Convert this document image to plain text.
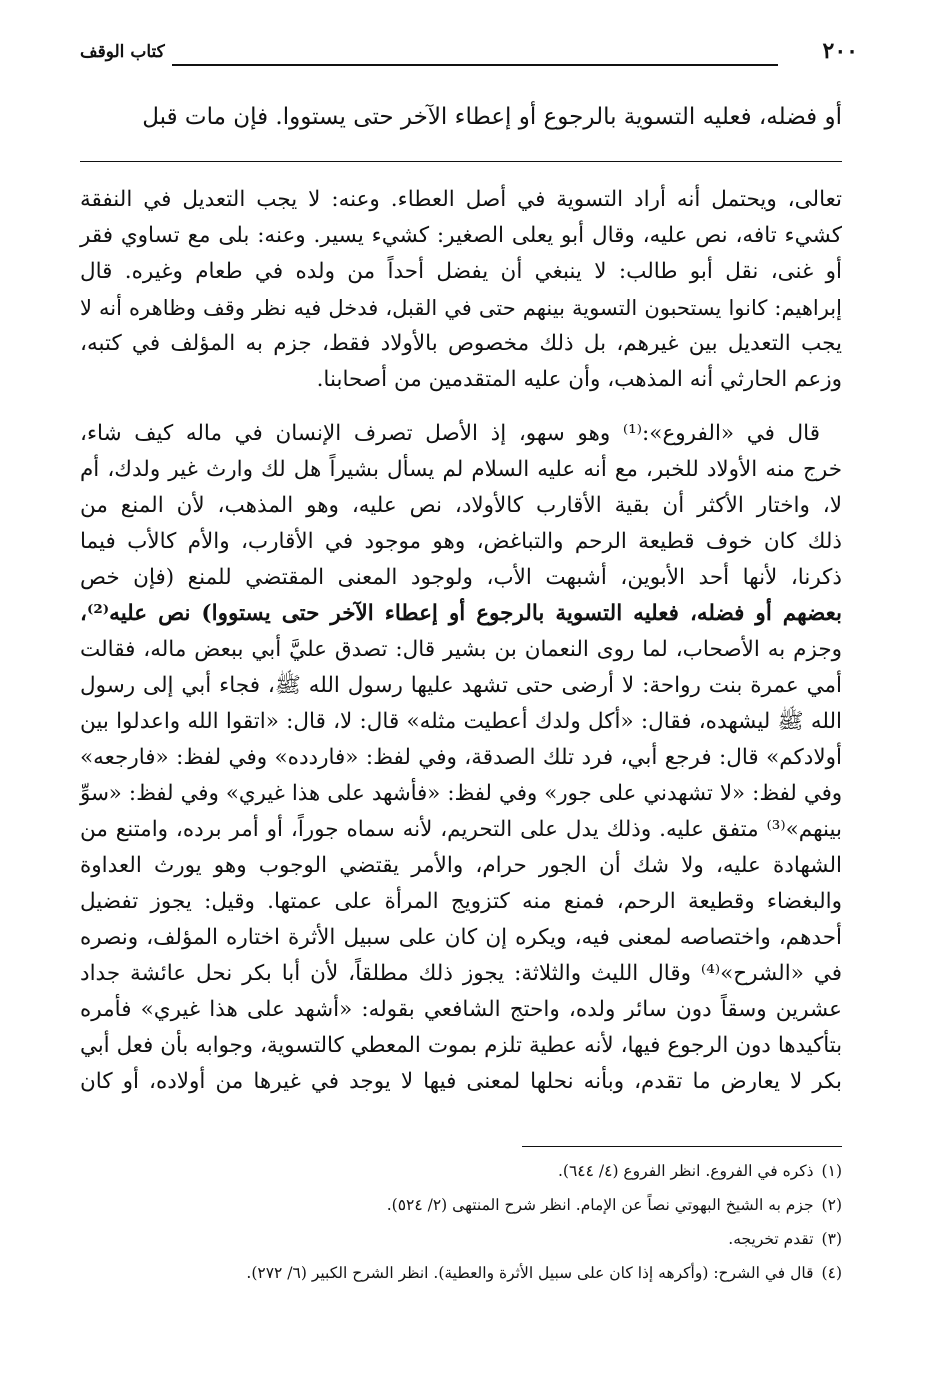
كتاب الوقف	٢٠٠
أو فضله، فعليه التسوية بالرجوع أو إعطاء الآخر حتى يستووا. فإن مات قبل
تعالى، ويحتمل أنه أراد التسوية في أصل العطاء. وعنه: لا يجب التعديل في النفقة
كشيء تافه، نص عليه، وقال أبو يعلى الصغير: كشيء يسير. وعنه: بلى مع تساوي فقر
أو غنى، نقل أبو طالب: لا ينبغي أن يفضل أحداً من ولده في طعام وغيره. قال
إبراهيم: كانوا يستحبون التسوية بينهم حتى في القبل، فدخل فيه نظر وقف وظاهره أنه لا
يجب التعديل بين غيرهم، بل ذلك مخصوص بالأولاد فقط، جزم به المؤلف في كتبه،
وزعم الحارثي أنه المذهب، وأن عليه المتقدمين من أصحابنا.
قال في «الفروع»:⁽¹⁾ وهو سهو، إذ الأصل تصرف الإنسان في ماله كيف شاء،
خرج منه الأولاد للخبر، مع أنه عليه السلام لم يسأل بشيراً هل لك وارث غير ولدك، أم
لا، واختار الأكثر أن بقية الأقارب كالأولاد، نص عليه، وهو المذهب، لأن المنع من
ذلك كان خوف قطيعة الرحم والتباغض، وهو موجود في الأقارب، والأم كالأب فيما
ذكرنا، لأنها أحد الأبوين، أشبهت الأب، ولوجود المعنى المقتضي للمنع (فإن خص
بعضهم أو فضله، فعليه التسوية بالرجوع أو إعطاء الآخر حتى يستووا) نص عليه⁽²⁾،
وجزم به الأصحاب، لما روى النعمان بن بشير قال: تصدق عليَّ أبي ببعض ماله، فقالت
أمي عمرة بنت رواحة: لا أرضى حتى تشهد عليها رسول الله ﷺ، فجاء أبي إلى رسول
الله ﷺ ليشهده، فقال: «أكل ولدك أعطيت مثله» قال: لا، قال: «اتقوا الله واعدلوا بين
أولادكم» قال: فرجع أبي، فرد تلك الصدقة، وفي لفظ: «فاردده» وفي لفظ: «فارجعه»
وفي لفظ: «لا تشهدني على جور» وفي لفظ: «فأشهد على هذا غيري» وفي لفظ: «سوِّ
بينهم»⁽³⁾ متفق عليه. وذلك يدل على التحريم، لأنه سماه جوراً، أو أمر برده، وامتنع من
الشهادة عليه، ولا شك أن الجور حرام، والأمر يقتضي الوجوب وهو يورث العداوة
والبغضاء وقطيعة الرحم، فمنع منه كتزويج المرأة على عمتها. وقيل: يجوز تفضيل
أحدهم، واختصاصه لمعنى فيه، ويكره إن كان على سبيل الأثرة اختاره المؤلف، ونصره
في «الشرح»⁽⁴⁾ وقال الليث والثلاثة: يجوز ذلك مطلقاً، لأن أبا بكر نحل عائشة جداد
عشرين وسقاً دون سائر ولده، واحتج الشافعي بقوله: «أشهد على هذا غيري» فأمره
بتأكيدها دون الرجوع فيها، لأنه عطية تلزم بموت المعطي كالتسوية، وجوابه بأن فعل أبي
بكر لا يعارض ما تقدم، وبأنه نحلها لمعنى فيها لا يوجد في غيرها من أولاده، أو كان
(١)ذكره في الفروع. انظر الفروع (٤/ ٦٤٤).
(٢)جزم به الشيخ البهوتي نصاً عن الإمام. انظر شرح المنتهى (٢/ ٥٢٤).
(٣)تقدم تخريجه.
(٤)قال في الشرح: (وأكرهه إذا كان على سبيل الأثرة والعطية). انظر الشرح الكبير (٦/ ٢٧٢).
